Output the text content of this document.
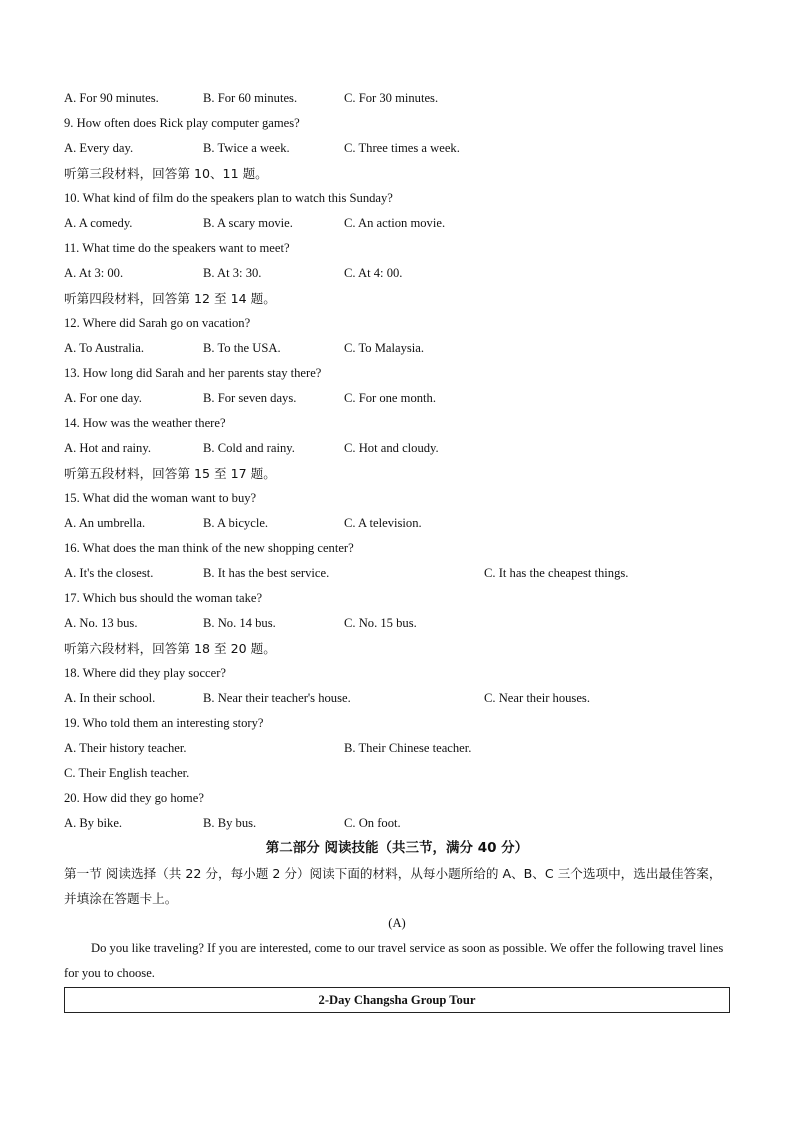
A. For 90 minutes.	B. For 60 minutes.	C. For 30 minutes.
9. How often does Rick play computer games?
A. Every day.	B. Twice a week.	C. Three times a week.
听第三段材料，回答第 10、11 题。
10. What kind of film do the speakers plan to watch this Sunday?
A. A comedy.	B. A scary movie.	C. An action movie.
11. What time do the speakers want to meet?
A. At 3: 00.	B. At 3: 30.	C. At 4: 00.
听第四段材料，回答第 12 至 14 题。
12. Where did Sarah go on vacation?
A. To Australia.	B. To the USA.	C. To Malaysia.
13. How long did Sarah and her parents stay there?
A. For one day.	B. For seven days.	C. For one month.
14. How was the weather there?
A. Hot and rainy.	B. Cold and rainy.	C. Hot and cloudy.
听第五段材料，回答第 15 至 17 题。
15. What did the woman want to buy?
A. An umbrella.	B. A bicycle.	C. A television.
16. What does the man think of the new shopping center?
A. It's the closest.	B. It has the best service.	C. It has the cheapest things.
17. Which bus should the woman take?
A. No. 13 bus.	B. No. 14 bus.	C. No. 15 bus.
听第六段材料，回答第 18 至 20 题。
18. Where did they play soccer?
A. In their school.	B. Near their teacher's house.	C. Near their houses.
19. Who told them an interesting story?
A. Their history teacher.	B. Their Chinese teacher.
C. Their English teacher.
20. How did they go home?
A. By bike.	B. By bus.	C. On foot.
第二部分 阅读技能（共三节，满分 40 分）
第一节 阅读选择（共 22 分，每小题 2 分）阅读下面的材料，从每小题所给的 A、B、C 三个选项中，选出最佳答案，并填涂在答题卡上。
(A)
Do you like traveling? If you are interested, come to our travel service as soon as possible. We offer the following travel lines for you to choose.
2-Day Changsha Group Tour
